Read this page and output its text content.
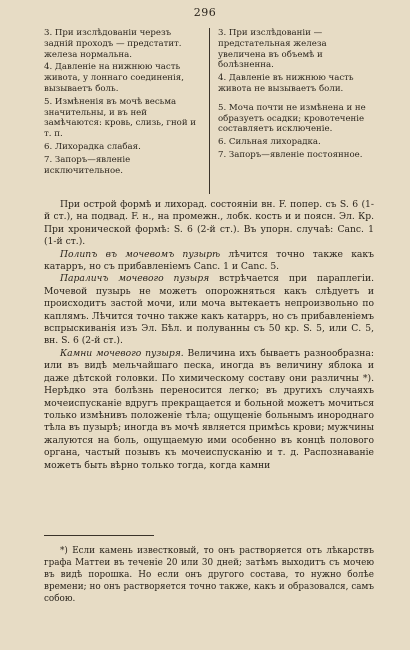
296

3. При изслѣдованіи черезъ задній проходъ — предстатит. железа нормальна.

4. Давленіе на нижнюю часть живота, у лоннаго соединенія, вызываетъ боль.

5. Измѣненія въ мочѣ весьма значительны, и въ ней замѣчаются: кровь, слизь, гной и т. п.

6. Лихорадка слабая.

7. Запоръ—явленіе исключительное.

3. При изслѣдованіи — предстательная железа увеличена въ объемѣ и болѣзненна.

4. Давленіе въ нижнюю часть живота не вызываетъ боли.

5. Моча почти не измѣнена и не образуетъ осадки; кровотеченіе составляетъ исключеніе.

6. Сильная лихорадка.

7. Запоръ—явленіе постоянное.

При острой формѣ и лихорад. состояніи вн. F. попер. съ S. 6 (1-й ст.), на подвад. F. н., на промежн., лобк. кость и и поясн. Эл. Кр. При хронической формѣ: S. 6 (2-й ст.). Въ упорн. случаѣ: Canc. 1 (1-й ст.).

Полипъ въ мочевомъ пузырѣ лѣчится точно также какъ катарръ, но съ прибавленіемъ Canc. 1 и Canc. 5.

Параличъ мочевого пузыря встрѣчается при параплегіи. Мочевой пузырь не можетъ опорожняться какъ слѣдуетъ и происходитъ застой мочи, или моча вытекаетъ непроизвольно по каплямъ. Лѣчится точно также какъ катарръ, но съ прибавленіемъ вспрыскиванія изъ Эл. Бѣл. и полуванны съ 50 кр. S. 5, или С. 5, вн. S. 6 (2-й ст.).

Камни мочевого пузыря. Величина ихъ бываетъ разнообразна: или въ видѣ мельчайшаго песка, иногда въ величину яблока и даже дѣтской головки. По химическому составу они различны *). Нерѣдко эта болѣзнь переносится легко; въ другихъ случаяхъ мочеиспусканіе вдругъ прекращается и больной можетъ мочиться только измѣнивъ положеніе тѣла; ощущеніе больнымъ инороднаго тѣла въ пузырѣ; иногда въ мочѣ является примѣсь крови; мужчины жалуются на боль, ощущаемую ими особенно въ концѣ полового органа, частый позывъ къ мочеиспусканію и т. д. Распознаваніе можетъ быть вѣрно только тогда, когда камни

*) Если камень известковый, то онъ растворяется отъ лѣкарствъ графа Маттеи въ теченіе 20 или 30 дней; затѣмъ выходитъ съ мочею въ видѣ порошка. Но если онъ другого состава, то нужно болѣе времени; но онъ растворяется точно также, какъ и образовался, самъ собою.
